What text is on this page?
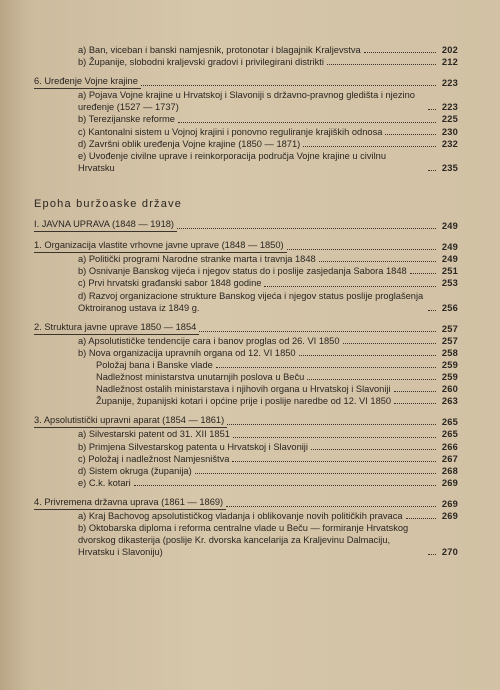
a) Ban, viceban i banski namjesnik, protonotar i blagajnik Kraljevstva	202
b) Županije, slobodni kraljevski gradovi i privilegirani distrikti	212
6. Uređenje Vojne krajine	223
a) Pojava Vojne krajine u Hrvatskoj i Slavoniji s državno-pravnog gledišta i njezino uređenje (1527 — 1737)	223
b) Terezijanske reforme	225
c) Kantonalni sistem u Vojnoj krajini i ponovno reguliranje krajiških odnosa	230
d) Završni oblik uređenja Vojne krajine (1850 — 1871)	232
e) Uvođenje civilne uprave i reinkorporacija područja Vojne krajine u civilnu Hrvatsku	235
Epoha buržoaske države
I. JAVNA UPRAVA (1848 — 1918)	249
1. Organizacija vlastite vrhovne javne uprave (1848 — 1850)	249
a) Politički programi Narodne stranke marta i travnja 1848	249
b) Osnivanje Banskog vijeća i njegov status do i poslije zasjedanja Sabora 1848	251
c) Prvi hrvatski građanski sabor 1848 godine	253
d) Razvoj organizacione strukture Banskog vijeća i njegov status poslije proglašenja Oktroiranog ustava iz 1849 g.	256
2. Struktura javne uprave 1850 — 1854	257
a) Apsolutističke tendencije cara i banov proglas od 26. VI 1850	257
b) Nova organizacija upravnih organa od 12. VI 1850	258
Položaj bana i Banske vlade	259
Nadležnost ministarstva unutarnjih poslova u Beču	259
Nadležnost ostalih ministarstava i njihovih organa u Hrvatskoj i Slavoniji	260
Županije, županijski kotari i općine prije i poslije naredbe od 12. VI 1850	263
3. Apsolutistički upravni aparat (1854 — 1861)	265
a) Silvestarski patent od 31. XII 1851	265
b) Primjena Silvestarskog patenta u Hrvatskoj i Slavoniji	266
c) Položaj i nadležnost Namjesništva	267
d) Sistem okruga (županija)	268
e) C.k. kotari	269
4. Privremena državna uprava (1861 — 1869)	269
a) Kraj Bachovog apsolutističkog vladanja i oblikovanje novih političkih pravaca	269
b) Oktobarska diploma i reforma centralne vlade u Beču — formiranje Hrvatskog dvorskog dikasterija (poslije Kr. dvorska kancelarija za Kraljevinu Dalmaciju, Hrvatsku i Slavoniju)	270
